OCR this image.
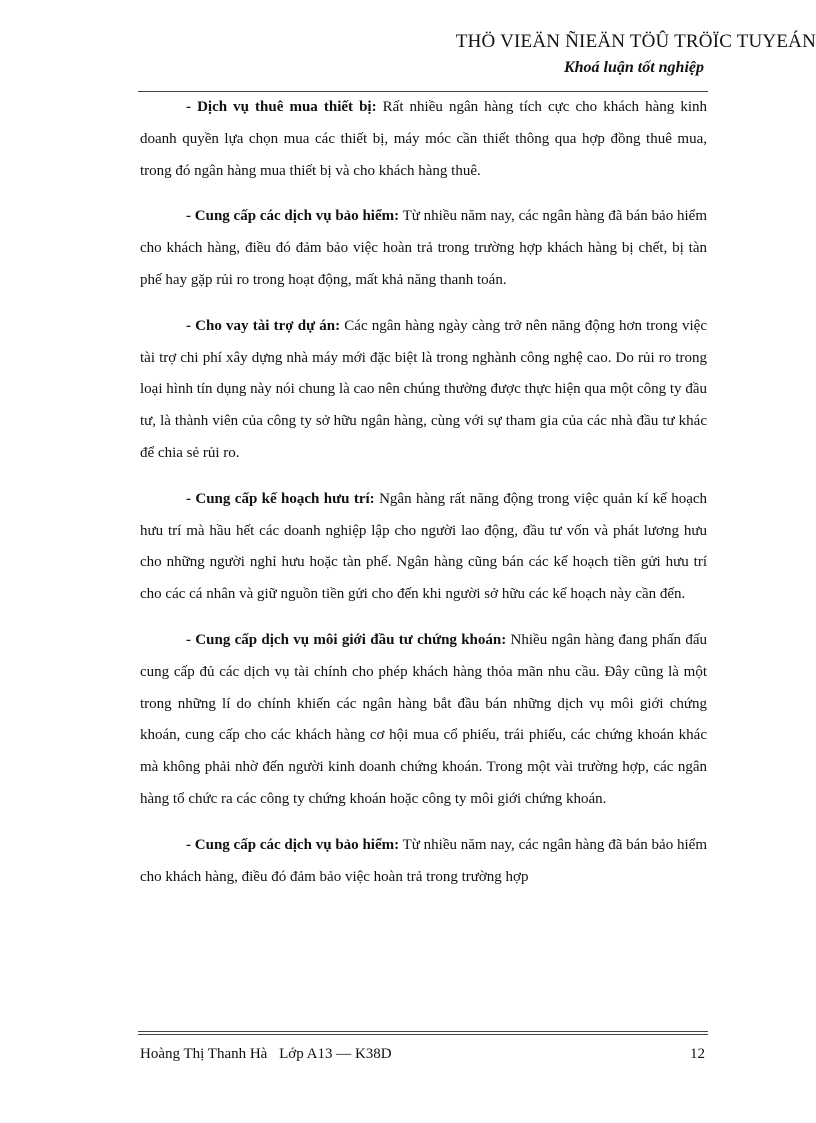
THÖ VIEÄN ÑIEÄN TÖÛ TRÖÏC TUYEÁN
Khoá luận tốt nghiệp

- Dịch vụ thuê mua thiết bị: Rất nhiều ngân hàng tích cực cho khách hàng kinh doanh quyền lựa chọn mua các thiết bị, máy móc cần thiết thông qua hợp đồng thuê mua, trong đó ngân hàng mua thiết bị và cho khách hàng thuê.

- Cung cấp các dịch vụ bảo hiểm: Từ nhiều năm nay, các ngân hàng đã bán bảo hiểm cho khách hàng, điều đó đảm bảo việc hoàn trả trong trường hợp khách hàng bị chết, bị tàn phế hay gặp rủi ro trong hoạt động, mất khả năng thanh toán.

- Cho vay tài trợ dự án: Các ngân hàng ngày càng trở nên năng động hơn trong việc tài trợ chi phí xây dựng nhà máy mới đặc biệt là trong nghành công nghệ cao. Do rủi ro trong loại hình tín dụng này nói chung là cao nên chúng thường được thực hiện qua một công ty đầu tư, là thành viên của công ty sở hữu ngân hàng, cùng với sự tham gia của các nhà đầu tư khác để chia sẻ rủi ro.

- Cung cấp kế hoạch hưu trí: Ngân hàng rất năng động trong việc quản kí kế hoạch hưu trí mà hầu hết các doanh nghiệp lập cho người lao động, đầu tư vốn và phát lương hưu cho những người nghỉ hưu hoặc tàn phế. Ngân hàng cũng bán các kế hoạch tiền gửi hưu trí cho các cá nhân và giữ nguồn tiền gửi cho đến khi người sở hữu các kế hoạch này cần đến.

- Cung cấp dịch vụ môi giới đầu tư chứng khoán: Nhiều ngân hàng đang phấn đấu cung cấp đủ các dịch vụ tài chính cho phép khách hàng thỏa mãn nhu cầu. Đây cũng là một trong những lí do chính khiến các ngân hàng bắt đầu bán những dịch vụ môi giới chứng khoán, cung cấp cho các khách hàng cơ hội mua cổ phiếu, trái phiếu, các chứng khoán khác mà không phải nhờ đến người kinh doanh chứng khoán. Trong một vài trường hợp, các ngân hàng tổ chức ra các công ty chứng khoán hoặc công ty môi giới chứng khoán.

- Cung cấp các dịch vụ bảo hiểm: Từ nhiều năm nay, các ngân hàng đã bán bảo hiểm cho khách hàng, điều đó đảm bảo việc hoàn trả trong trường hợp

Hoàng Thị Thanh Hà Lớp A13 — K38D	12
